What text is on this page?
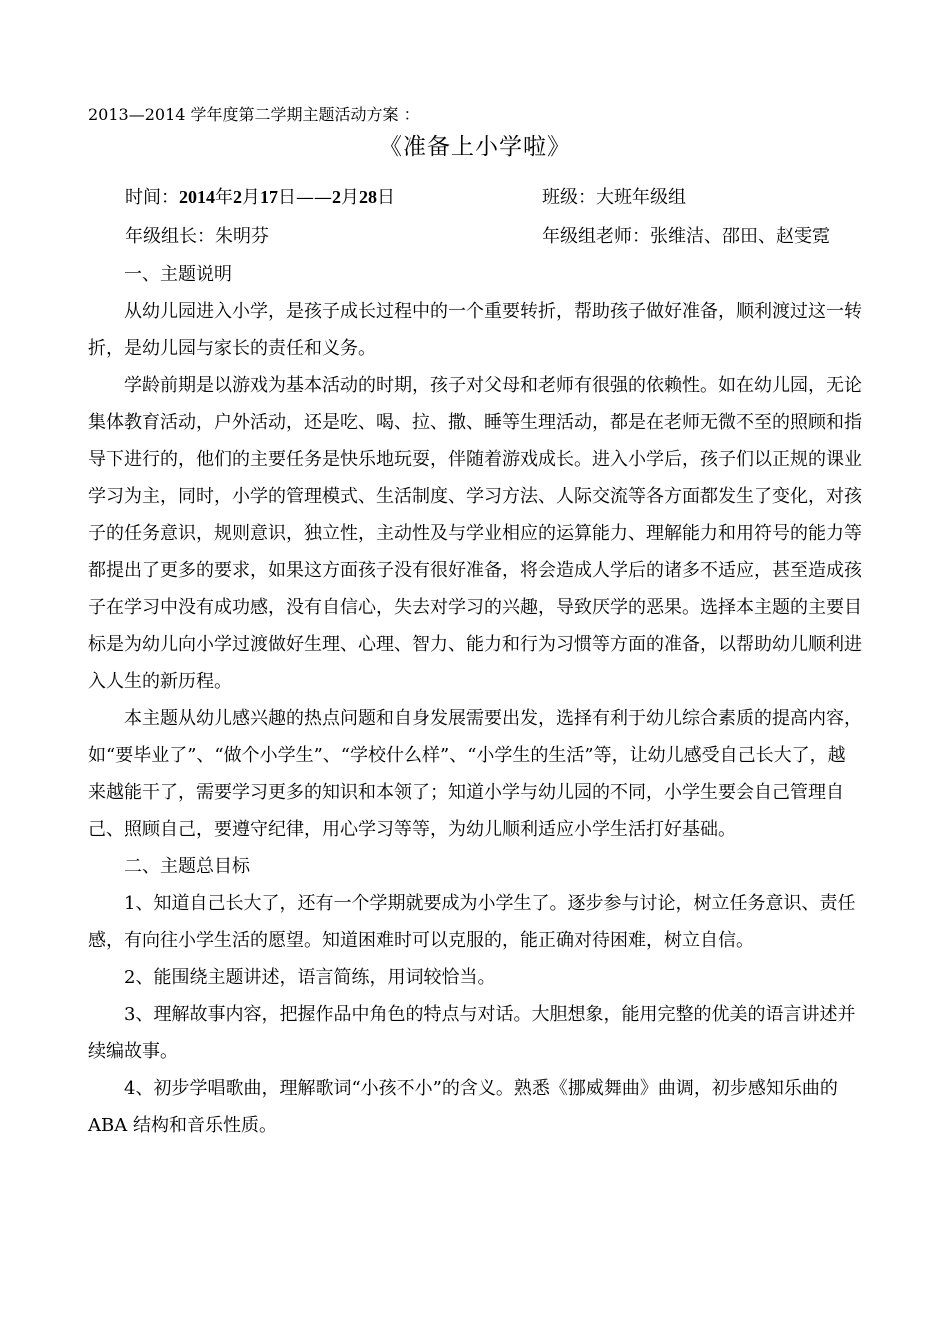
2013—2014 学年度第二学期主题活动方案 ：
《准备上小学啦》
时间：2014年2月17日——2月28日	班级：大班年级组
年级组长：朱明芬	年级组老师：张维洁、邵田、赵雯霓

一、主题说明

从幼儿园进入小学，是孩子成长过程中的一个重要转折，帮助孩子做好准备，顺利渡过这一转折，是幼儿园与家长的责任和义务。

学龄前期是以游戏为基本活动的时期，孩子对父母和老师有很强的依赖性。如在幼儿园，无论集体教育活动，户外活动，还是吃、喝、拉、撒、睡等生理活动，都是在老师无微不至的照顾和指导下进行的，他们的主要任务是快乐地玩耍，伴随着游戏成长。进入小学后，孩子们以正规的课业学习为主，同时，小学的管理模式、生活制度、学习方法、人际交流等各方面都发生了变化，对孩子的任务意识，规则意识，独立性，主动性及与学业相应的运算能力、理解能力和用符号的能力等都提出了更多的要求，如果这方面孩子没有很好准备，将会造成人学后的诸多不适应，甚至造成孩子在学习中没有成功感，没有自信心，失去对学习的兴趣，导致厌学的恶果。选择本主题的主要目标是为幼儿向小学过渡做好生理、心理、智力、能力和行为习惯等方面的准备，以帮助幼儿顺利进入人生的新历程。

本主题从幼儿感兴趣的热点问题和自身发展需要出发，选择有利于幼儿综合素质的提高内容，如“要毕业了”、“做个小学生”、“学校什么样”、“小学生的生活”等，让幼儿感受自己长大了，越来越能干了，需要学习更多的知识和本领了；知道小学与幼儿园的不同，小学生要会自己管理自己、照顾自己，要遵守纪律，用心学习等等，为幼儿顺利适应小学生活打好基础。

二、主题总目标

1、知道自己长大了，还有一个学期就要成为小学生了。逐步参与讨论，树立任务意识、责任感，有向往小学生活的愿望。知道困难时可以克服的，能正确对待困难，树立自信。

2、能围绕主题讲述，语言简练，用词较恰当。

3、理解故事内容，把握作品中角色的特点与对话。大胆想象，能用完整的优美的语言讲述并续编故事。

4、初步学唱歌曲，理解歌词“小孩不小”的含义。熟悉《挪威舞曲》曲调，初步感知乐曲的 ABA 结构和音乐性质。
